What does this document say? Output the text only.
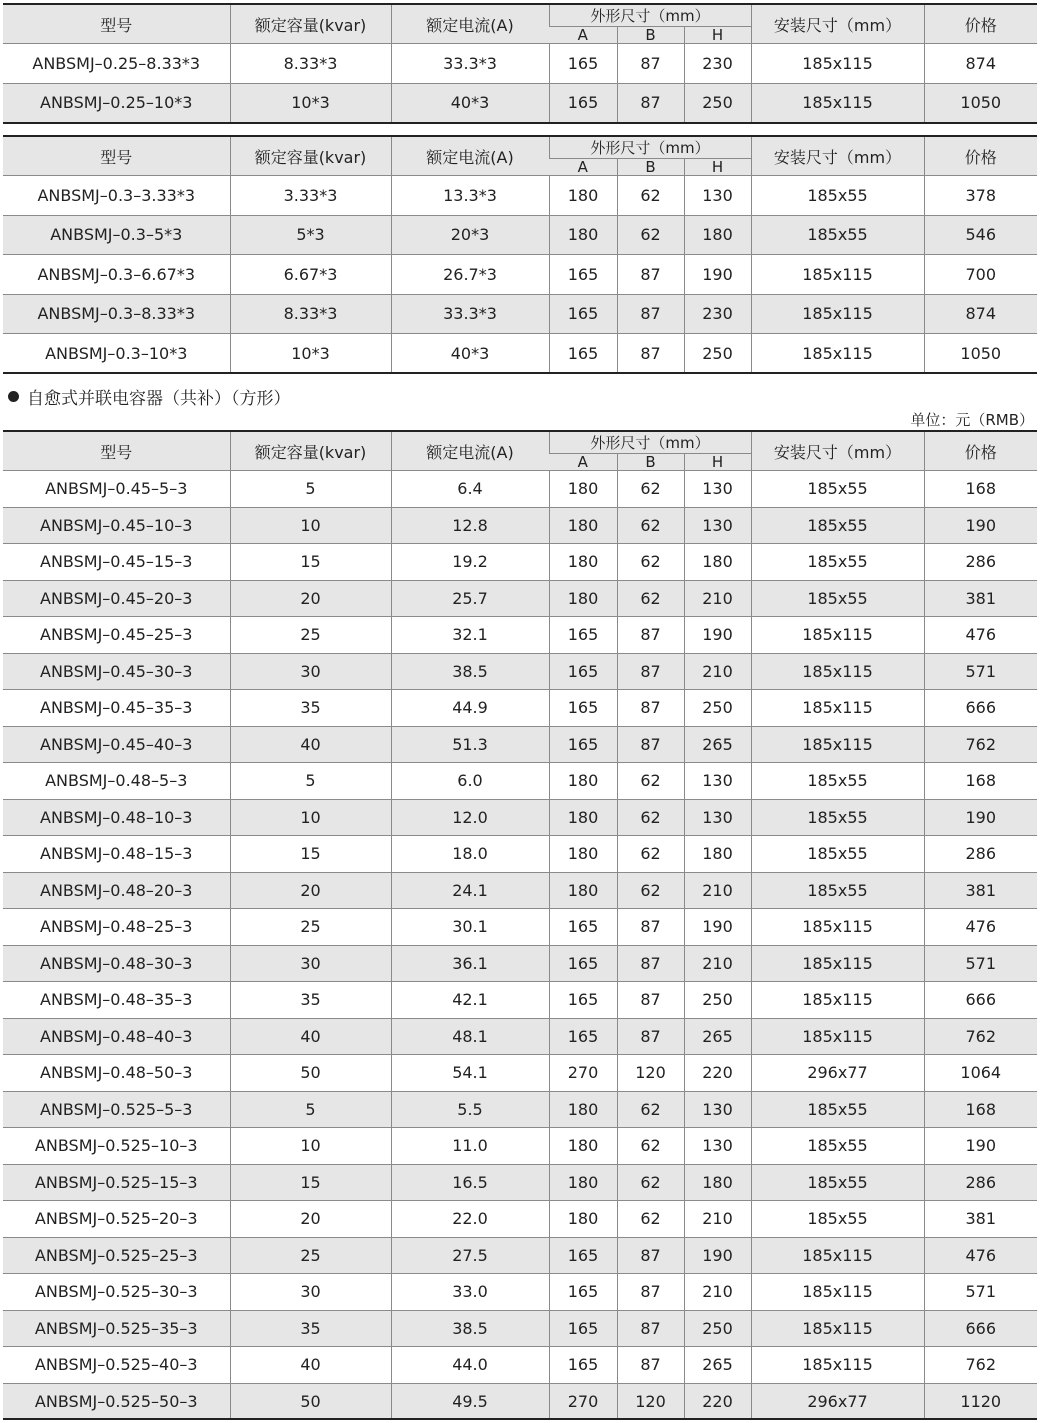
型号	额定容量(kvar)	额定电流(A)	外形尺寸（mm）			安装尺寸（mm）	价格
			A	B	H		
ANBSMJ–0.25–8.33*3	8.33*3	33.3*3	165	87	230	185x115	874
ANBSMJ–0.25–10*3	10*3	40*3	165	87	250	185x115	1050
型号	额定容量(kvar)	额定电流(A)	外形尺寸（mm）			安装尺寸（mm）	价格
			A	B	H		
ANBSMJ–0.3–3.33*3	3.33*3	13.3*3	180	62	130	185x55	378
ANBSMJ–0.3–5*3	5*3	20*3	180	62	180	185x55	546
ANBSMJ–0.3–6.67*3	6.67*3	26.7*3	165	87	190	185x115	700
ANBSMJ–0.3–8.33*3	8.33*3	33.3*3	165	87	230	185x115	874
ANBSMJ–0.3–10*3	10*3	40*3	165	87	250	185x115	1050
自愈式并联电容器（共补）（方形）
单位：元（RMB）
型号	额定容量(kvar)	额定电流(A)	外形尺寸（mm）			安装尺寸（mm）	价格
			A	B	H		
ANBSMJ–0.45–5–3	5	6.4	180	62	130	185x55	168
ANBSMJ–0.45–10–3	10	12.8	180	62	130	185x55	190
ANBSMJ–0.45–15–3	15	19.2	180	62	180	185x55	286
ANBSMJ–0.45–20–3	20	25.7	180	62	210	185x55	381
ANBSMJ–0.45–25–3	25	32.1	165	87	190	185x115	476
ANBSMJ–0.45–30–3	30	38.5	165	87	210	185x115	571
ANBSMJ–0.45–35–3	35	44.9	165	87	250	185x115	666
ANBSMJ–0.45–40–3	40	51.3	165	87	265	185x115	762
ANBSMJ–0.48–5–3	5	6.0	180	62	130	185x55	168
ANBSMJ–0.48–10–3	10	12.0	180	62	130	185x55	190
ANBSMJ–0.48–15–3	15	18.0	180	62	180	185x55	286
ANBSMJ–0.48–20–3	20	24.1	180	62	210	185x55	381
ANBSMJ–0.48–25–3	25	30.1	165	87	190	185x115	476
ANBSMJ–0.48–30–3	30	36.1	165	87	210	185x115	571
ANBSMJ–0.48–35–3	35	42.1	165	87	250	185x115	666
ANBSMJ–0.48–40–3	40	48.1	165	87	265	185x115	762
ANBSMJ–0.48–50–3	50	54.1	270	120	220	296x77	1064
ANBSMJ–0.525–5–3	5	5.5	180	62	130	185x55	168
ANBSMJ–0.525–10–3	10	11.0	180	62	130	185x55	190
ANBSMJ–0.525–15–3	15	16.5	180	62	180	185x55	286
ANBSMJ–0.525–20–3	20	22.0	180	62	210	185x55	381
ANBSMJ–0.525–25–3	25	27.5	165	87	190	185x115	476
ANBSMJ–0.525–30–3	30	33.0	165	87	210	185x115	571
ANBSMJ–0.525–35–3	35	38.5	165	87	250	185x115	666
ANBSMJ–0.525–40–3	40	44.0	165	87	265	185x115	762
ANBSMJ–0.525–50–3	50	49.5	270	120	220	296x77	1120
